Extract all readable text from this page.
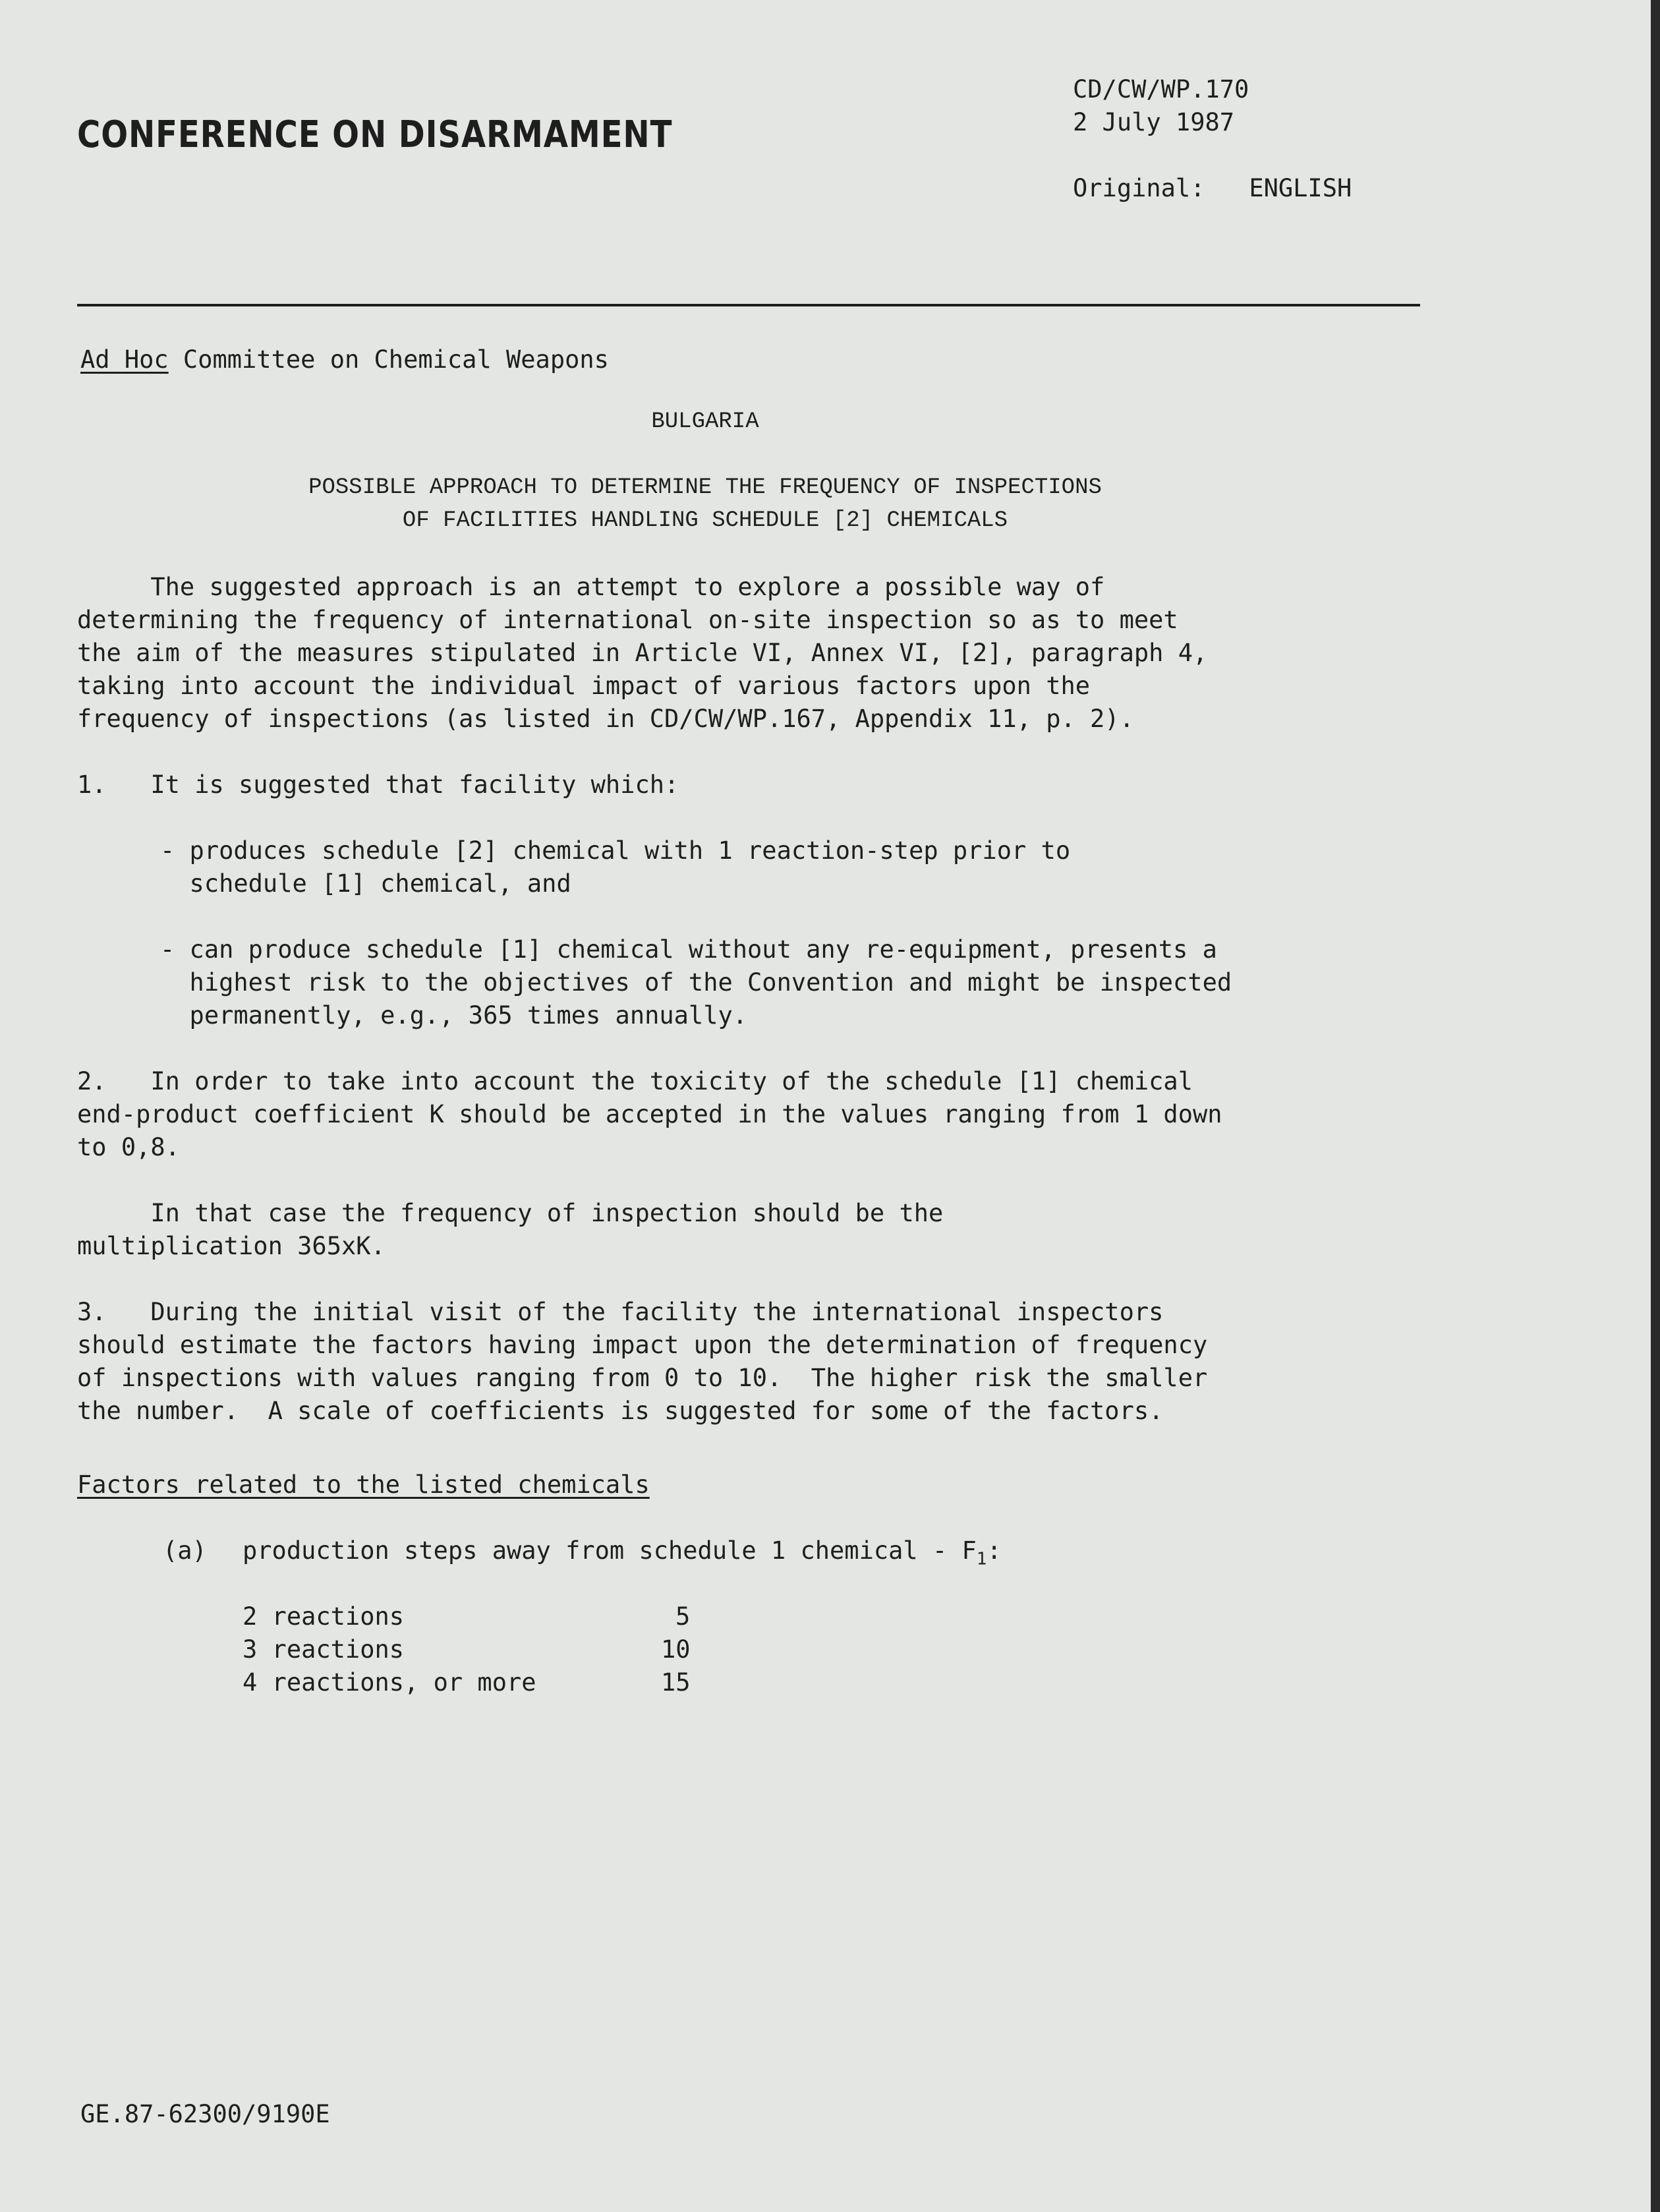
CD/CW/WP.170
2 July 1987
Original: ENGLISH
CONFERENCE ON DISARMAMENT
Ad Hoc Committee on Chemical Weapons
BULGARIA
POSSIBLE APPROACH TO DETERMINE THE FREQUENCY OF INSPECTIONS
OF FACILITIES HANDLING SCHEDULE [2] CHEMICALS
The suggested approach is an attempt to explore a possible way of
determining the frequency of international on-site inspection so as to meet
the aim of the measures stipulated in Article VI, Annex VI, [2], paragraph 4,
taking into account the individual impact of various factors upon the
frequency of inspections (as listed in CD/CW/WP.167, Appendix 11, p. 2).
1.   It is suggested that facility which:
- produces schedule [2] chemical with 1 reaction-step prior to
schedule [1] chemical, and
- can produce schedule [1] chemical without any re-equipment, presents a
highest risk to the objectives of the Convention and might be inspected
permanently, e.g., 365 times annually.
2.   In order to take into account the toxicity of the schedule [1] chemical
end-product coefficient K should be accepted in the values ranging from 1 down
to 0,8.
In that case the frequency of inspection should be the
multiplication 365xK.
3.   During the initial visit of the facility the international inspectors
should estimate the factors having impact upon the determination of frequency
of inspections with values ranging from 0 to 10.  The higher risk the smaller
the number.  A scale of coefficients is suggested for some of the factors.
Factors related to the listed chemicals
(a) production steps away from schedule 1 chemical - $F_1$:
2 reactions	5
3 reactions	10
4 reactions, or more	15
GE.87-62300/9190E
